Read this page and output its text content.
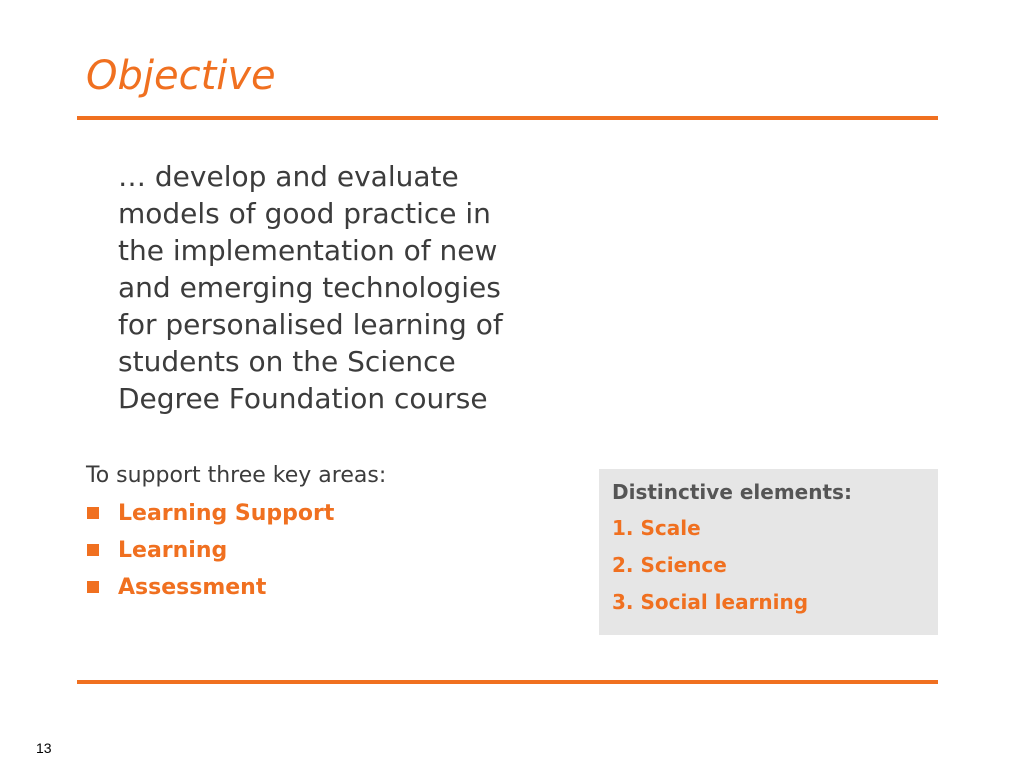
Objective

… develop and evaluate
models of good practice in
the implementation of new
and emerging technologies
for personalised learning of
students on the Science
Degree Foundation course

To support three key areas:

Learning Support
Learning
Assessment

Distinctive elements:

1. Scale
2. Science
3. Social learning
13
